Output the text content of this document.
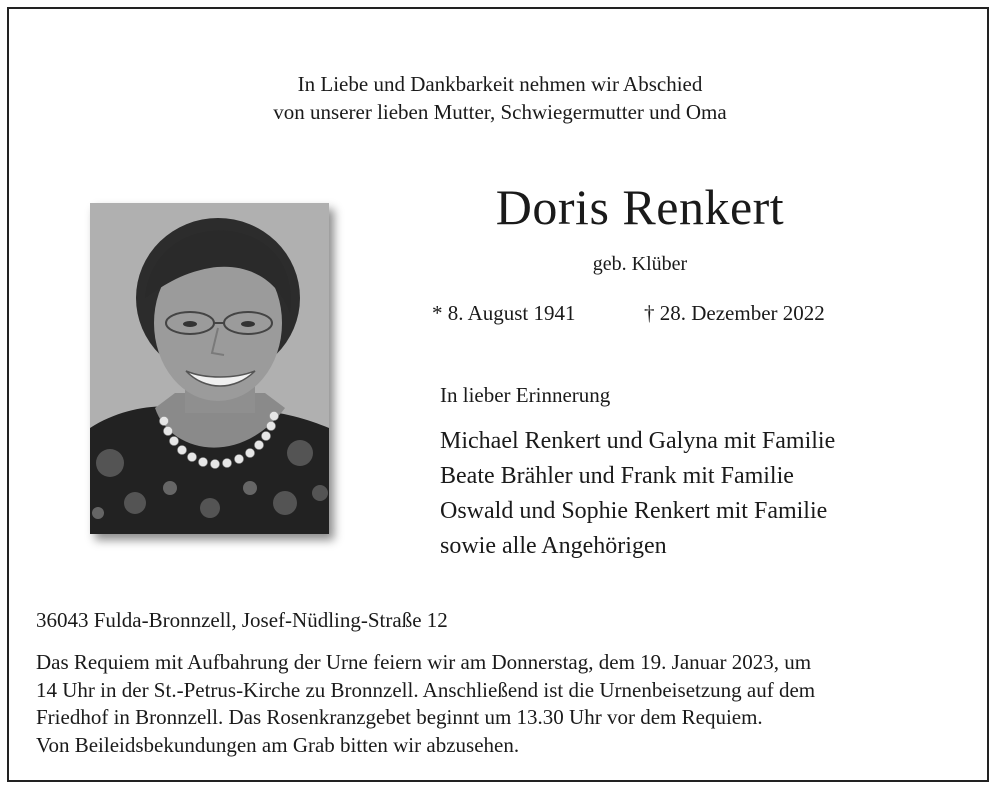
In Liebe und Dankbarkeit nehmen wir Abschied
von unserer lieben Mutter, Schwiegermutter und Oma
Doris Renkert
geb. Klüber
* 8. August 1941	† 28. Dezember 2022
In lieber Erinnerung
Michael Renkert und Galyna mit Familie
Beate Brähler und Frank mit Familie
Oswald und Sophie Renkert mit Familie
sowie alle Angehörigen
36043 Fulda-Bronnzell, Josef-Nüdling-Straße 12
Das Requiem mit Aufbahrung der Urne feiern wir am Donnerstag, dem 19. Januar 2023, um
14 Uhr in der St.-Petrus-Kirche zu Bronnzell. Anschließend ist die Urnenbeisetzung auf dem
Friedhof in Bronnzell. Das Rosenkranzgebet beginnt um 13.30 Uhr vor dem Requiem.
Von Beileidsbekundungen am Grab bitten wir abzusehen.
